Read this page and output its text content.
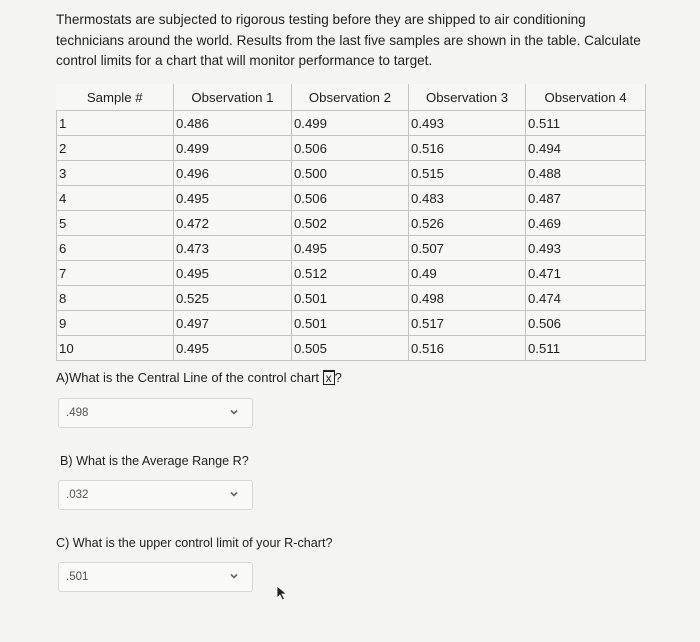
Thermostats are subjected to rigorous testing before they are shipped to air conditioning technicians around the world. Results from the last five samples are shown in the table. Calculate control limits for a chart that will monitor performance to target.
Sample #	Observation 1	Observation 2	Observation 3	Observation 4
1	0.486	0.499	0.493	0.511
2	0.499	0.506	0.516	0.494
3	0.496	0.500	0.515	0.488
4	0.495	0.506	0.483	0.487
5	0.472	0.502	0.526	0.469
6	0.473	0.495	0.507	0.493
7	0.495	0.512	0.49	0.471
8	0.525	0.501	0.498	0.474
9	0.497	0.501	0.517	0.506
10	0.495	0.505	0.516	0.511
A)What is the Central Line of the control chart x ?
.498
B) What is the Average Range R?
.032
C) What is the upper control limit of your R-chart?
.501
